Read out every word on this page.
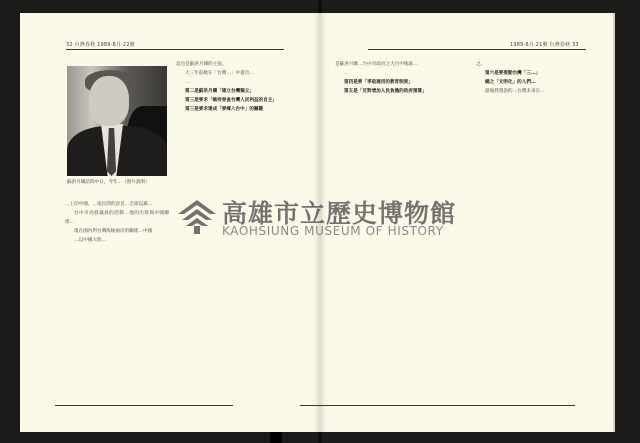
32 台灣春秋 1989·8月·22號
蘇洪月嬌訪問中日，今年…（照片說明）

…上的中國，…依民間的意見…全部以黨…

台中市高發議員的活動…他的出發與中國關係…

現在國內對台灣海峽兩岸的關係…中國

…以中國大陸…

這也是蘇洪月嬌的主張。

大三年前她在「台灣…」中提出…

…

第二是蘇洪月嬌「建立台灣獨立」

第三是要求「維持普查台灣人民利益的自主」

第三是要求達成「要鄉入台中」的關鍵

1989·8月·21號 台灣春秋 33

是蘇洪月嬌…台中市政府之大台中地區…

…

第四是要「爭取適用的教育制度」

第五是「反對增加人民負擔的政府預算」

之。

第六是要推動台灣「三…」

總之「文明化」的人們…

最後我想說的…台灣未來在…

高雄市立歷史博物館
KAOHSIUNG MUSEUM OF HISTORY
